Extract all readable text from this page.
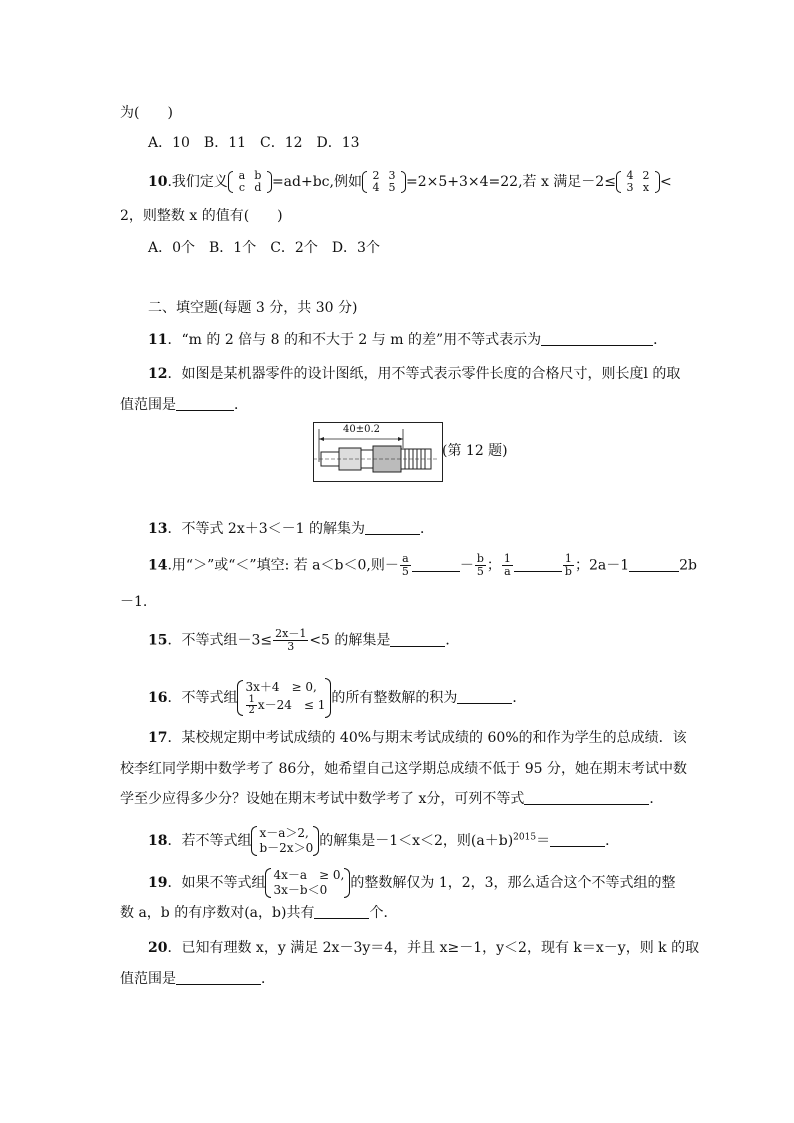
为(　　)
A．10　B．11　C．12　D．13
10.我们定义 a b
c d =ad+bc,例如 2 3
4 5 =2×5+3×4=22,若 x 满足－2≤ 4 2
3 x <
2，则整数 x 的值有(　　)
A．0个　B．1个　C．2个　D．3个
二、填空题(每题 3 分，共 30 分)
11．“m 的 2 倍与 8 的和不大于 2 与 m 的差”用不等式表示为	．
12．如图是某机器零件的设计图纸，用不等式表示零件长度的合格尺寸，则长度l 的取
值范围是	．
40±0.2
(第 12 题)
13．不等式 2x＋3＜－1 的解集为	．
14.用“＞”或“＜”填空: 若 a＜b＜0,则－ $\frac{a}{5}$	－ $\frac{b}{5}$ ； $\frac{1}{a}$	$\frac{1}{b}$ ；2a－1	2b
－1.
15．不等式组$-3\le \frac{2x-1}{3} <5$ 的解集是	．
16．不等式组3x＋4　≥ 0,

$\frac{1}{2} x-24$　≤ 1 的所有整数解的积为	．
17．某校规定期中考试成绩的 40%与期末考试成绩的 60%的和作为学生的总成绩．该
校李红同学期中数学考了 86分，她希望自己这学期总成绩不低于 95 分，她在期末考试中数
学至少应得多少分？设她在期末考试中数学考了 x分，可列不等式	．
18．若不等式组 x－a＞2,
b－2x＞0 的解集是－1＜x＜2，则$(a+b)^{2015}=$	．
19．如果不等式组 4x－a　≥ 0,
3x－b＜0 的整数解仅为 1，2，3，那么适合这个不等式组的整
数 a，b 的有序数对(a，b)共有	个．
20．已知有理数 x，y 满足 2x－3y＝4，并且 x≥－1，y＜2，现有 k＝x－y，则 k 的取
值范围是	．
